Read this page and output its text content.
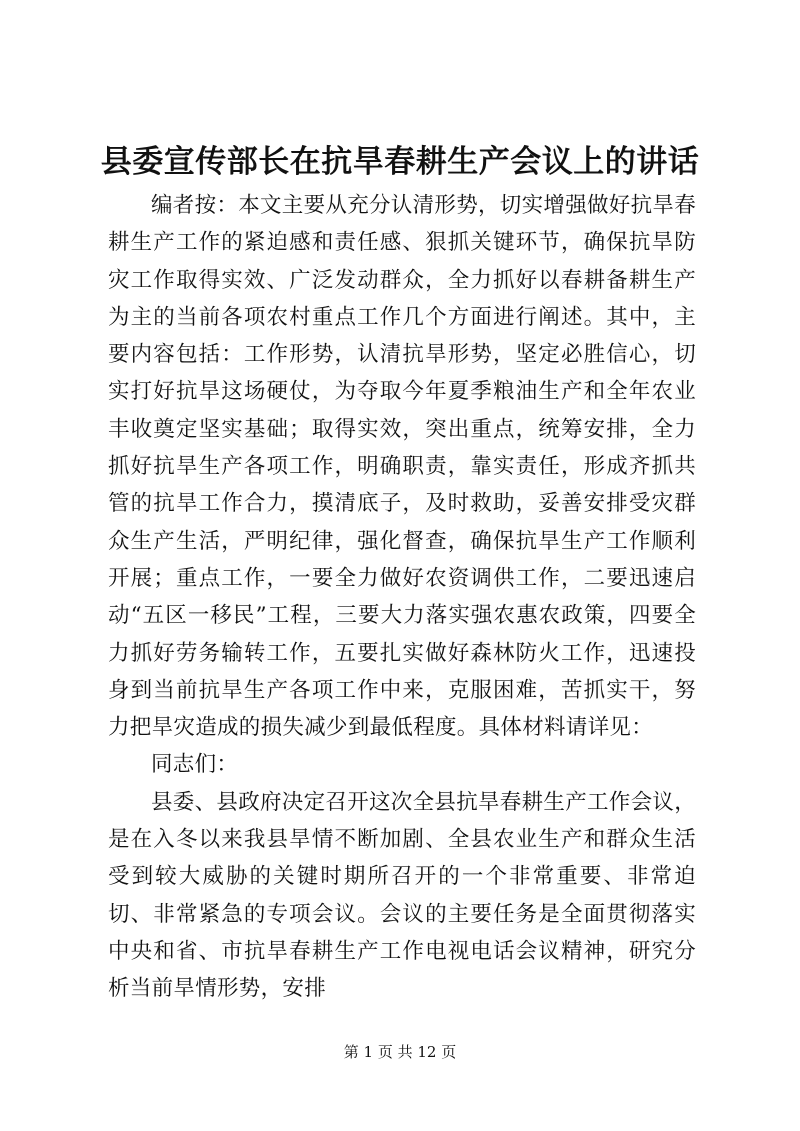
县委宣传部长在抗旱春耕生产会议上的讲话

编者按：本文主要从充分认清形势，切实增强做好抗旱春耕生产工作的紧迫感和责任感、狠抓关键环节，确保抗旱防灾工作取得实效、广泛发动群众，全力抓好以春耕备耕生产为主的当前各项农村重点工作几个方面进行阐述。其中，主要内容包括：工作形势，认清抗旱形势，坚定必胜信心，切实打好抗旱这场硬仗，为夺取今年夏季粮油生产和全年农业丰收奠定坚实基础；取得实效，突出重点，统筹安排，全力抓好抗旱生产各项工作，明确职责，靠实责任，形成齐抓共管的抗旱工作合力，摸清底子，及时救助，妥善安排受灾群众生产生活，严明纪律，强化督查，确保抗旱生产工作顺利开展；重点工作，一要全力做好农资调供工作，二要迅速启动“五区一移民”工程，三要大力落实强农惠农政策，四要全力抓好劳务输转工作，五要扎实做好森林防火工作，迅速投身到当前抗旱生产各项工作中来，克服困难，苦抓实干，努力把旱灾造成的损失减少到最低程度。具体材料请详见：

同志们：

县委、县政府决定召开这次全县抗旱春耕生产工作会议，是在入冬以来我县旱情不断加剧、全县农业生产和群众生活受到较大威胁的关键时期所召开的一个非常重要、非常迫切、非常紧急的专项会议。会议的主要任务是全面贯彻落实中央和省、市抗旱春耕生产工作电视电话会议精神，研究分析当前旱情形势，安排

第 1 页 共 12 页
